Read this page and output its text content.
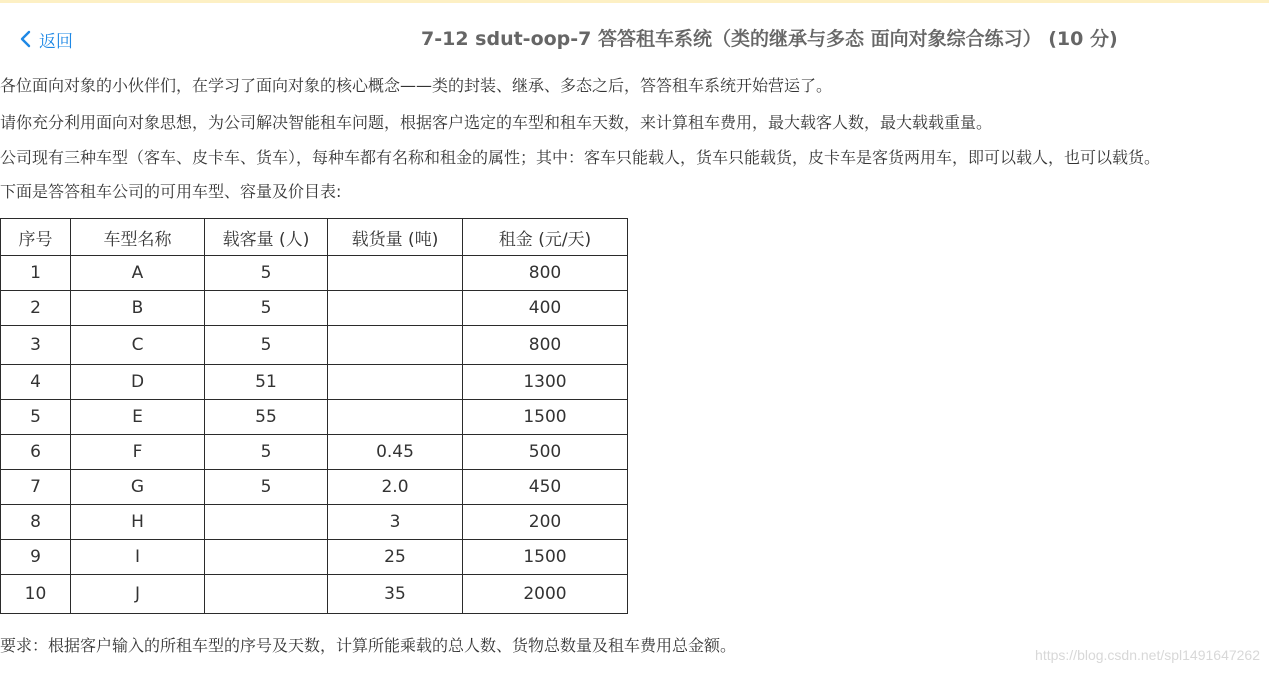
返回	7-12 sdut-oop-7 答答租车系统（类的继承与多态 面向对象综合练习） (10 分)
各位面向对象的小伙伴们，在学习了面向对象的核心概念——类的封装、继承、多态之后，答答租车系统开始营运了。
请你充分利用面向对象思想，为公司解决智能租车问题，根据客户选定的车型和租车天数，来计算租车费用，最大载客人数，最大载载重量。
公司现有三种车型（客车、皮卡车、货车），每种车都有名称和租金的属性；其中：客车只能载人，货车只能载货，皮卡车是客货两用车，即可以载人，也可以载货。
下面是答答租车公司的可用车型、容量及价目表:
序号	车型名称	载客量 (人)	载货量 (吨)	租金 (元/天)
1	A	5		800
2	B	5		400
3	C	5		800
4	D	51		1300
5	E	55		1500
6	F	5	0.45	500
7	G	5	2.0	450
8	H		3	200
9	I		25	1500
10	J		35	2000
要求：根据客户输入的所租车型的序号及天数，计算所能乘载的总人数、货物总数量及租车费用总金额。	https://blog.csdn.net/spl1491647262
